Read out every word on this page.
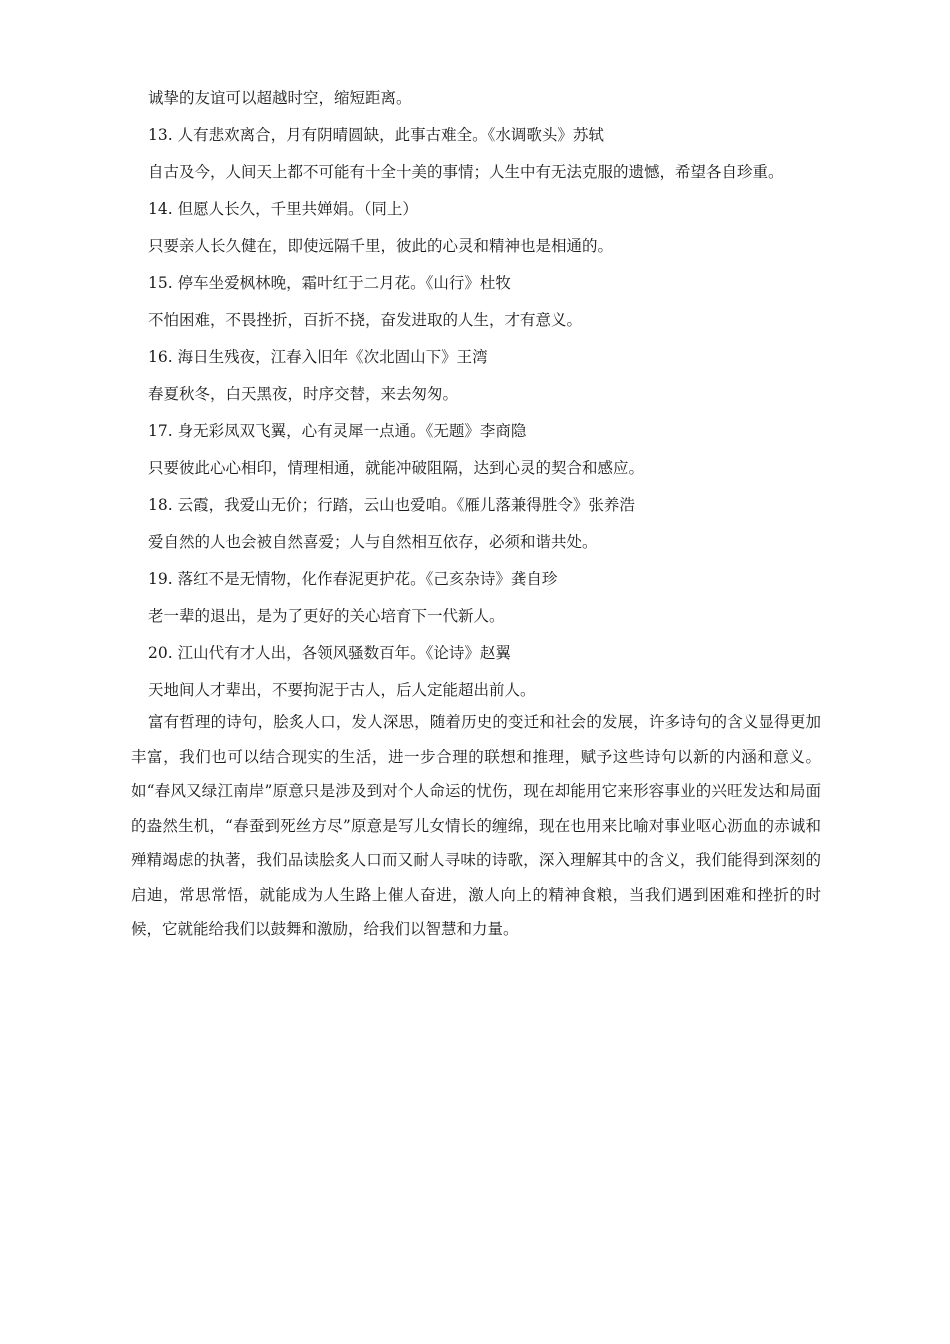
诚挚的友谊可以超越时空，缩短距离。
13. 人有悲欢离合，月有阴晴圆缺，此事古难全。《水调歌头》苏轼
自古及今，人间天上都不可能有十全十美的事情；人生中有无法克服的遗憾，希望各自珍重。
14. 但愿人长久，千里共婵娟。（同上）
只要亲人长久健在，即使远隔千里，彼此的心灵和精神也是相通的。
15. 停车坐爱枫林晚，霜叶红于二月花。《山行》杜牧
不怕困难，不畏挫折，百折不挠，奋发进取的人生，才有意义。
16. 海日生残夜，江春入旧年《次北固山下》王湾
春夏秋冬，白天黑夜，时序交替，来去匆匆。
17. 身无彩凤双飞翼，心有灵犀一点通。《无题》李商隐
只要彼此心心相印，情理相通，就能冲破阻隔，达到心灵的契合和感应。
18. 云霞，我爱山无价；行踏，云山也爱咱。《雁儿落兼得胜令》张养浩
爱自然的人也会被自然喜爱；人与自然相互依存，必须和谐共处。
19. 落红不是无情物，化作春泥更护花。《己亥杂诗》龚自珍
老一辈的退出，是为了更好的关心培育下一代新人。
20. 江山代有才人出，各领风骚数百年。《论诗》赵翼
天地间人才辈出，不要拘泥于古人，后人定能超出前人。
富有哲理的诗句，脍炙人口，发人深思，随着历史的变迁和社会的发展，许多诗句的含义显得更加丰富，我们也可以结合现实的生活，进一步合理的联想和推理，赋予这些诗句以新的内涵和意义。如“春风又绿江南岸”原意只是涉及到对个人命运的忧伤，现在却能用它来形容事业的兴旺发达和局面的盎然生机，“春蚕到死丝方尽”原意是写儿女情长的缠绵，现在也用来比喻对事业呕心沥血的赤诚和殚精竭虑的执著，我们品读脍炙人口而又耐人寻味的诗歌，深入理解其中的含义，我们能得到深刻的启迪，常思常悟，就能成为人生路上催人奋进，激人向上的精神食粮，当我们遇到困难和挫折的时候，它就能给我们以鼓舞和激励，给我们以智慧和力量。
